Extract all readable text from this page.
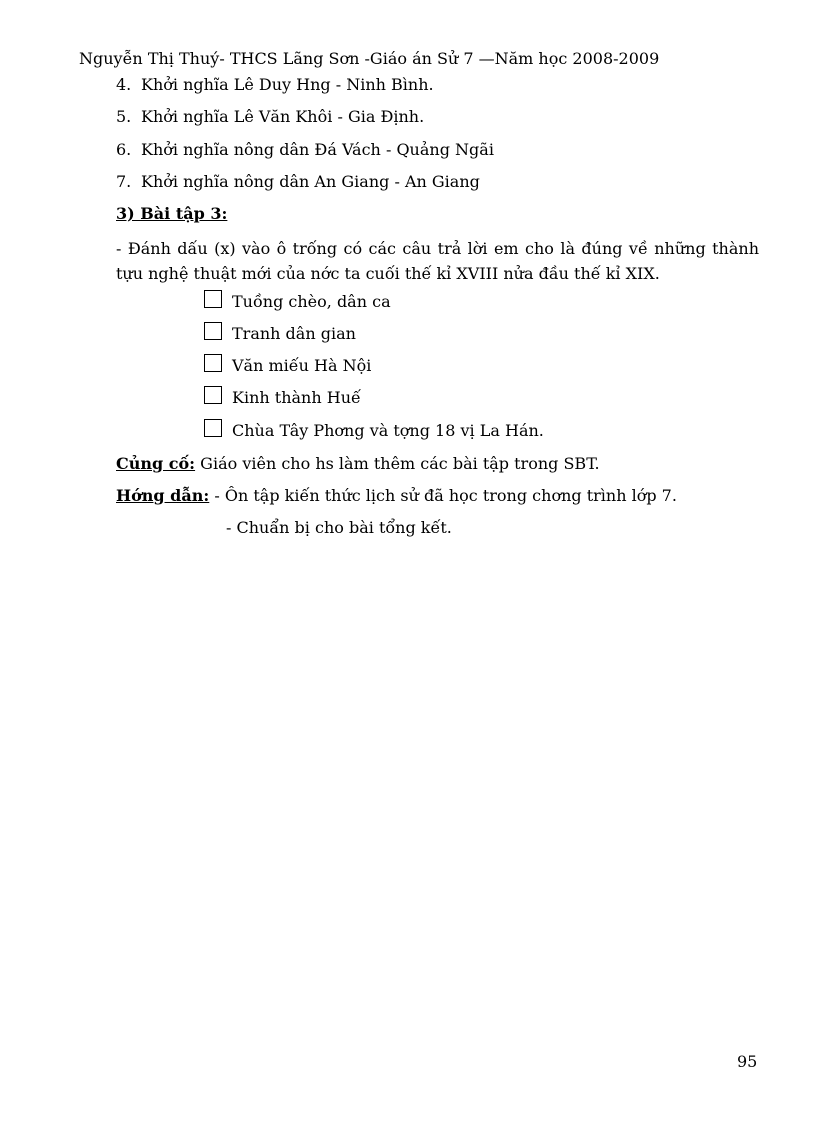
Nguyễn Thị Thuý- THCS Lãng Sơn -Giáo án Sử 7 —Năm học 2008-2009
4. Khởi nghĩa Lê Duy Hng - Ninh Bình.
5. Khởi nghĩa Lê Văn Khôi - Gia Định.
6. Khởi nghĩa nông dân Đá Vách - Quảng Ngãi
7. Khởi nghĩa nông dân An Giang - An Giang
3) Bài tập 3:
- Đánh dấu (x) vào ô trống có các câu trả lời em cho là đúng về những thành tựu nghệ thuật mới của nớc ta cuối thế kỉ XVIII nửa đầu thế kỉ XIX.
Tuồng chèo, dân ca
Tranh dân gian
Văn miếu Hà Nội
Kinh thành Huế
Chùa Tây Phơng và tợng 18 vị La Hán.
Củng cố: Giáo viên cho hs làm thêm các bài tập trong SBT.
Hớng dẫn: - Ôn tập kiến thức lịch sử đã học trong chơng trình lớp 7.
- Chuẩn bị cho bài tổng kết.
95
